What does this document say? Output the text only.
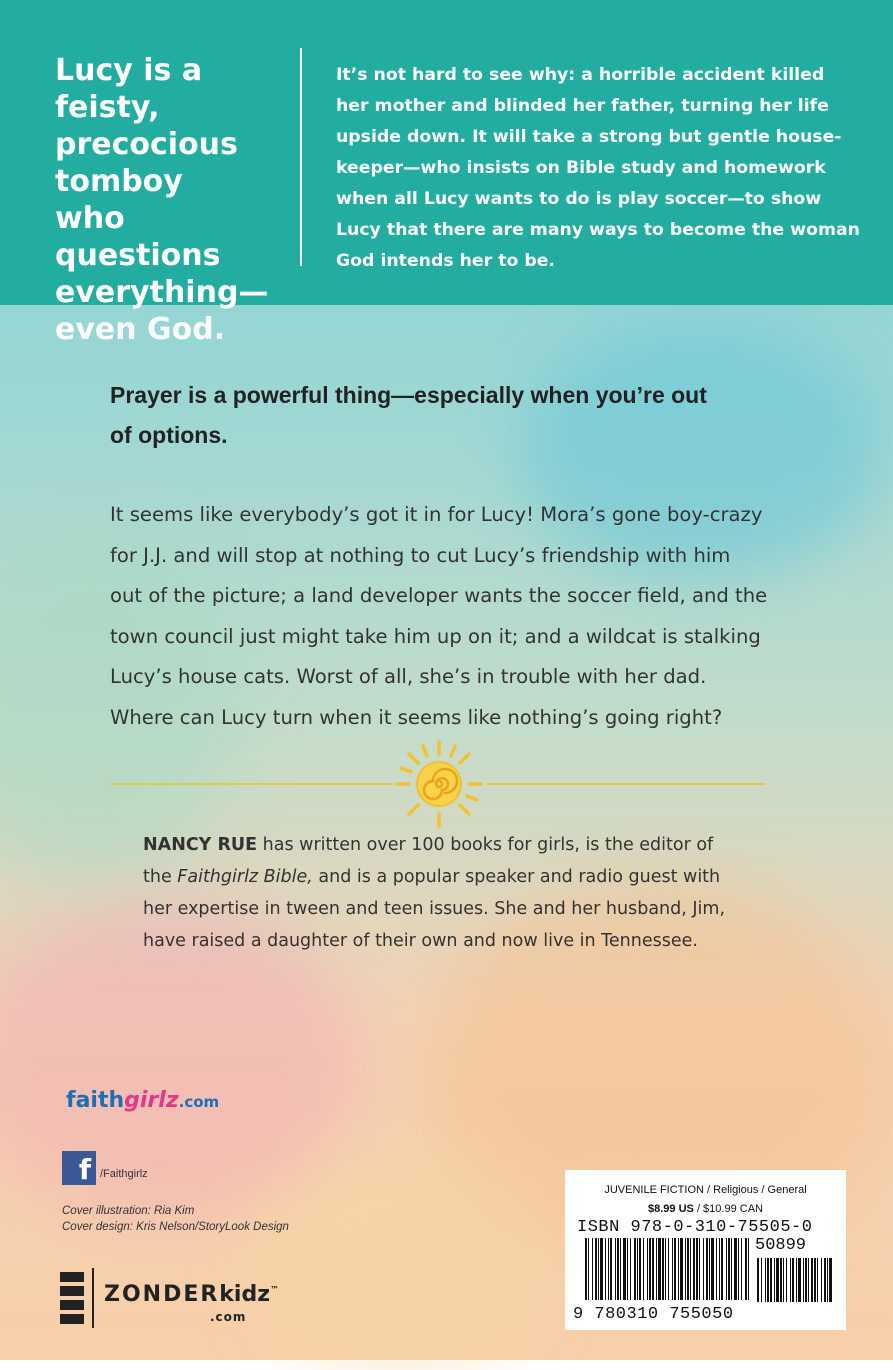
Lucy is a feisty,
precocious
tomboy
who questions
everything—
even God.
It’s not hard to see why: a horrible accident killed
her mother and blinded her father, turning her life
upside down. It will take a strong but gentle house-
keeper—who insists on Bible study and homework
when all Lucy wants to do is play soccer—to show
Lucy that there are many ways to become the woman
God intends her to be.
Prayer is a powerful thing—especially when you’re out
of options.
It seems like everybody’s got it in for Lucy! Mora’s gone boy-crazy
for J.J. and will stop at nothing to cut Lucy’s friendship with him
out of the picture; a land developer wants the soccer field, and the
town council just might take him up on it; and a wildcat is stalking
Lucy’s house cats. Worst of all, she’s in trouble with her dad.
Where can Lucy turn when it seems like nothing’s going right?
NANCY RUE has written over 100 books for girls, is the editor of
the Faithgirlz Bible, and is a popular speaker and radio guest with
her expertise in tween and teen issues. She and her husband, Jim,
have raised a daughter of their own and now live in Tennessee.
faithgirlz.com
f /Faithgirlz
Cover illustration: Ria Kim
Cover design: Kris Nelson/StoryLook Design
ZONDERkidz™
.com
JUVENILE FICTION / Religious / General
$8.99 US / $10.99 CAN
ISBN 978-0-310-75505-0
50899
9 780310 755050
